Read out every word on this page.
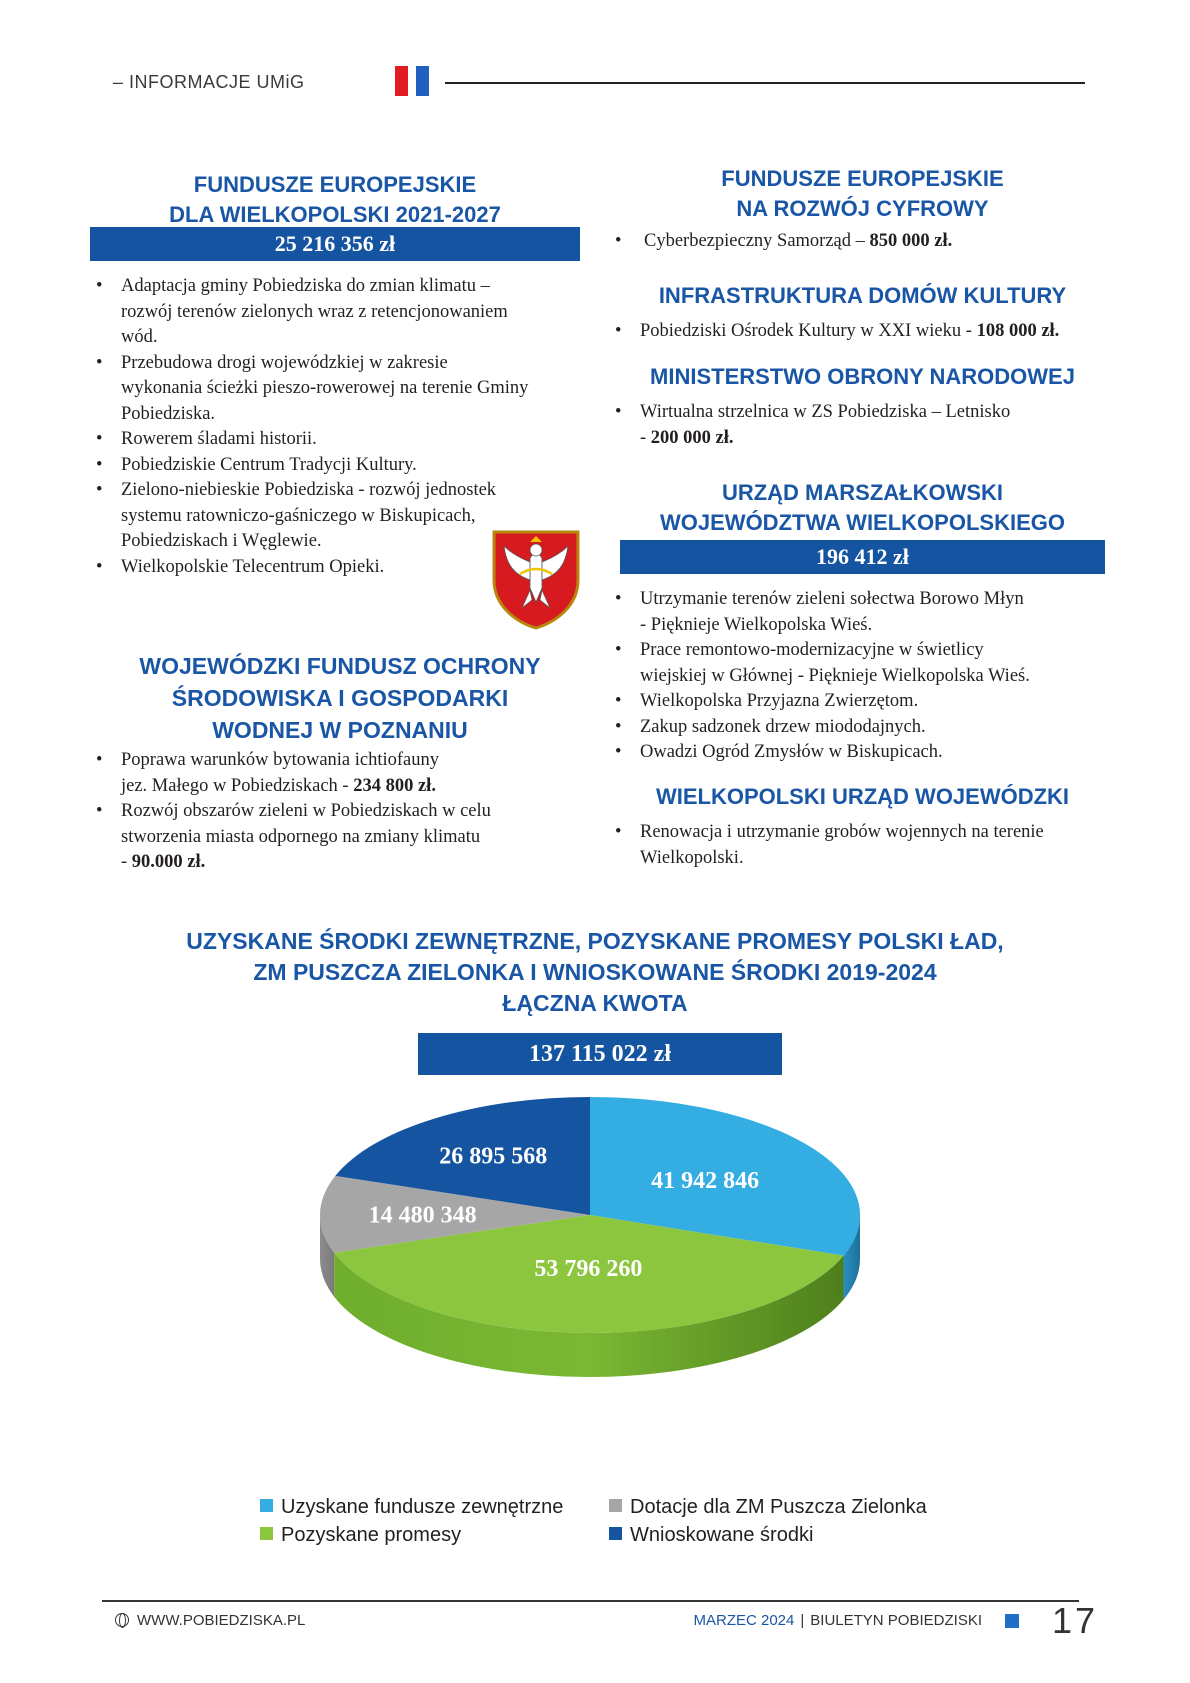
– INFORMACJE UMiG
FUNDUSZE EUROPEJSKIE
DLA WIELKOPOLSKI 2021-2027
25 216 356 zł
• Adaptacja gminy Pobiedziska do zmian klimatu –
rozwój terenów zielonych wraz z retencjonowaniem
wód.
• Przebudowa drogi wojewódzkiej w zakresie
wykonania ścieżki pieszo-rowerowej na terenie Gminy
Pobiedziska.
• Rowerem śladami historii.
• Pobiedziskie Centrum Tradycji Kultury.
• Zielono-niebieskie Pobiedziska - rozwój jednostek
systemu ratowniczo-gaśniczego w Biskupicach,
Pobiedziskach i Węglewie.
• Wielkopolskie Telecentrum Opieki.
WOJEWÓDZKI FUNDUSZ OCHRONY
ŚRODOWISKA I GOSPODARKI
WODNEJ W POZNANIU
• Poprawa warunków bytowania ichtiofauny
jez. Małego w Pobiedziskach - 234 800 zł.
• Rozwój obszarów zieleni w Pobiedziskach w celu
stworzenia miasta odpornego na zmiany klimatu
- 90.000 zł.
FUNDUSZE EUROPEJSKIE
NA ROZWÓJ CYFROWY
• Cyberbezpieczny Samorząd – 850 000 zł.
INFRASTRUKTURA DOMÓW KULTURY
• Pobiedziski Ośrodek Kultury w XXI wieku - 108 000 zł.
MINISTERSTWO OBRONY NARODOWEJ
• Wirtualna strzelnica w ZS Pobiedziska – Letnisko
- 200 000 zł.
URZĄD MARSZAŁKOWSKI
WOJEWÓDZTWA WIELKOPOLSKIEGO
196 412 zł
• Utrzymanie terenów zieleni sołectwa Borowo Młyn
- Pięknieje Wielkopolska Wieś.
• Prace remontowo-modernizacyjne w świetlicy
wiejskiej w Głównej - Pięknieje Wielkopolska Wieś.
• Wielkopolska Przyjazna Zwierzętom.
• Zakup sadzonek drzew miododajnych.
• Owadzi Ogród Zmysłów w Biskupicach.
WIELKOPOLSKI URZĄD WOJEWÓDZKI
• Renowacja i utrzymanie grobów wojennych na terenie
Wielkopolski.
UZYSKANE ŚRODKI ZEWNĘTRZNE, POZYSKANE PROMESY POLSKI ŁAD,
ZM PUSZCZA ZIELONKA I WNIOSKOWANE ŚRODKI 2019-2024
ŁĄCZNA KWOTA
137 115 022 zł
41 942 846
53 796 260
14 480 348
26 895 568
Uzyskane fundusze zewnętrzne
Pozyskane promesy
Dotacje dla ZM Puszcza Zielonka
Wnioskowane środki
WWW.POBIEDZISKA.PL	MARZEC 2024 | BIULETYN POBIEDZISKI 17
